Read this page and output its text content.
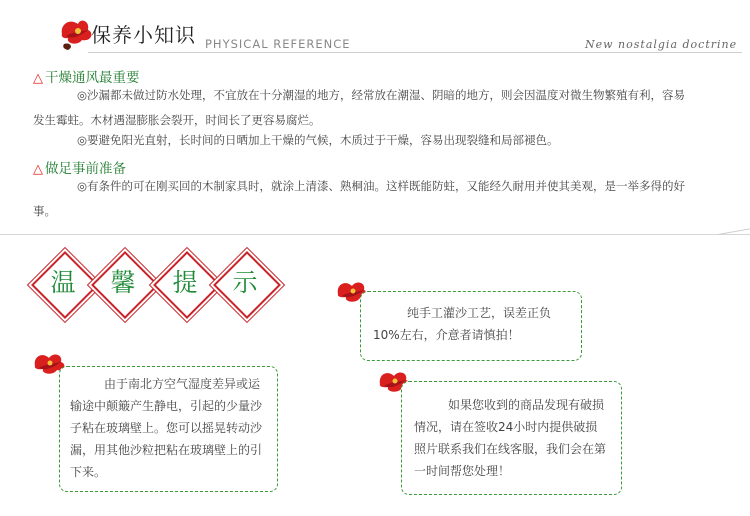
保养小知识 PHYSICAL REFERENCE	New nostalgia doctrine
△ 干燥通风最重要
◎沙漏都未做过防水处理，不宜放在十分潮湿的地方，经常放在潮湿、阴暗的地方，则会因温度对微生物繁殖有利，容易发生霉蛀。木材遇湿膨胀会裂开，时间长了更容易腐烂。
◎要避免阳光直射，长时间的日晒加上干燥的气候，木质过于干燥，容易出现裂缝和局部褪色。
△ 做足事前准备
◎有条件的可在刚买回的木制家具时，就涂上清漆、熟桐油。这样既能防蛀，又能经久耐用并使其美观，是一举多得的好事。
温	馨	提	示
纯手工灌沙工艺，误差正负10%左右，介意者请慎拍！
由于南北方空气湿度差异或运输途中颠簸产生静电，引起的少量沙子粘在玻璃壁上。您可以摇晃转动沙漏，用其他沙粒把粘在玻璃壁上的引下来。
如果您收到的商品发现有破损情况，请在签收24小时内提供破损照片联系我们在线客服，我们会在第一时间帮您处理！
